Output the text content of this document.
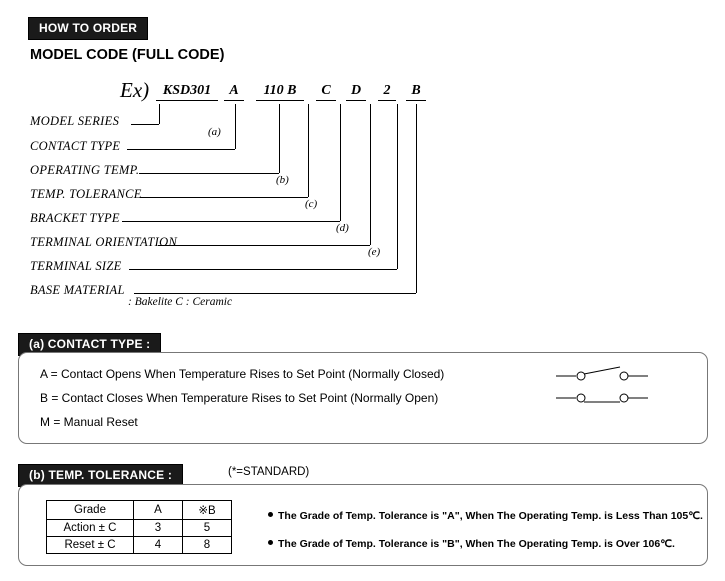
HOW TO ORDER
MODEL CODE (FULL CODE)
Ex) KSD301	A	110 B	C	D	2	B
MODEL SERIES
CONTACT TYPE
OPERATING TEMP.
TEMP. TOLERANCE
BRACKET TYPE
TERMINAL ORIENTATION
TERMINAL SIZE
BASE MATERIAL
(a)
(b)
(c)
(d)
(e)
: Bakelite C : Ceramic
(a) CONTACT TYPE :
A = Contact Opens When Temperature Rises to Set Point (Normally Closed)
B = Contact Closes When Temperature Rises to Set Point (Normally Open)
M = Manual Reset
(b) TEMP. TOLERANCE :	(*=STANDARD)
Grade	A	※B
Action ± C	3	5
Reset ± C	4	8
The Grade of Temp. Tolerance is "A", When The Operating Temp. is Less Than 105℃.
The Grade of Temp. Tolerance is "B", When The Operating Temp. is Over 106℃.
